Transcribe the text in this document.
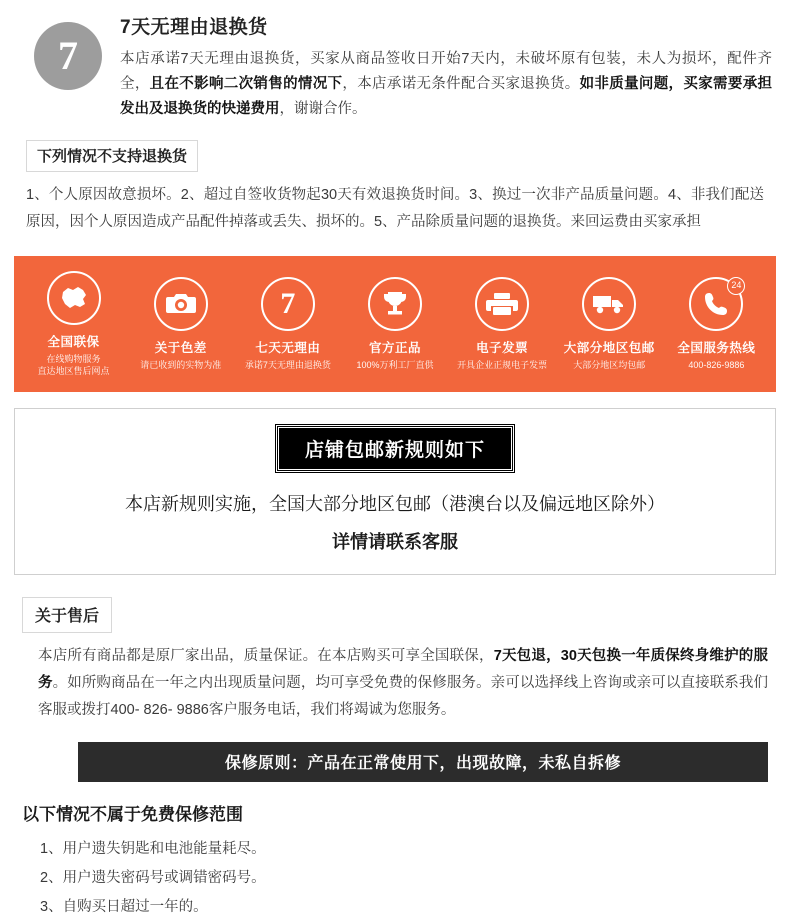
7
7天无理由退换货

本店承诺7天无理由退换货，买家从商品签收日开始7天内，未破坏原有包装，未人为损坏，配件齐全，且在不影响二次销售的情况下，本店承诺无条件配合买家退换货。如非质量问题，买家需要承担发出及退换货的快递费用，谢谢合作。

下列情况不支持退换货

1、个人原因故意损坏。2、超过自签收货物起30天有效退换货时间。3、换过一次非产品质量问题。4、非我们配送原因，因个人原因造成产品配件掉落或丢失、损坏的。5、产品除质量问题的退换货。来回运费由买家承担

全国联保
在线购物服务
直达地区售后网点
关于色差
请已收到的实物为准
7
七天无理由
承诺7天无理由退换货
官方正品
100%万利工厂直供
电子发票
开具企业正规电子发票
大部分地区包邮
大部分地区均包邮
24
全国服务热线
400-826-9886
店铺包邮新规则如下
本店新规则实施，全国大部分地区包邮（港澳台以及偏远地区除外）
详情请联系客服
关于售后

本店所有商品都是原厂家出品，质量保证。在本店购买可享全国联保，7天包退，30天包换一年质保终身维护的服务。如所购商品在一年之内出现质量问题，均可享受免费的保修服务。亲可以选择线上咨询或亲可以直接联系我们客服或拨打400- 826- 9886客户服务电话，我们将竭诚为您服务。

保修原则：产品在正常使用下，出现故障，未私自拆修
以下情况不属于免费保修范围
1、用户遗失钥匙和电池能量耗尽。
2、用户遗失密码号或调错密码号。
3、自购买日超过一年的。
